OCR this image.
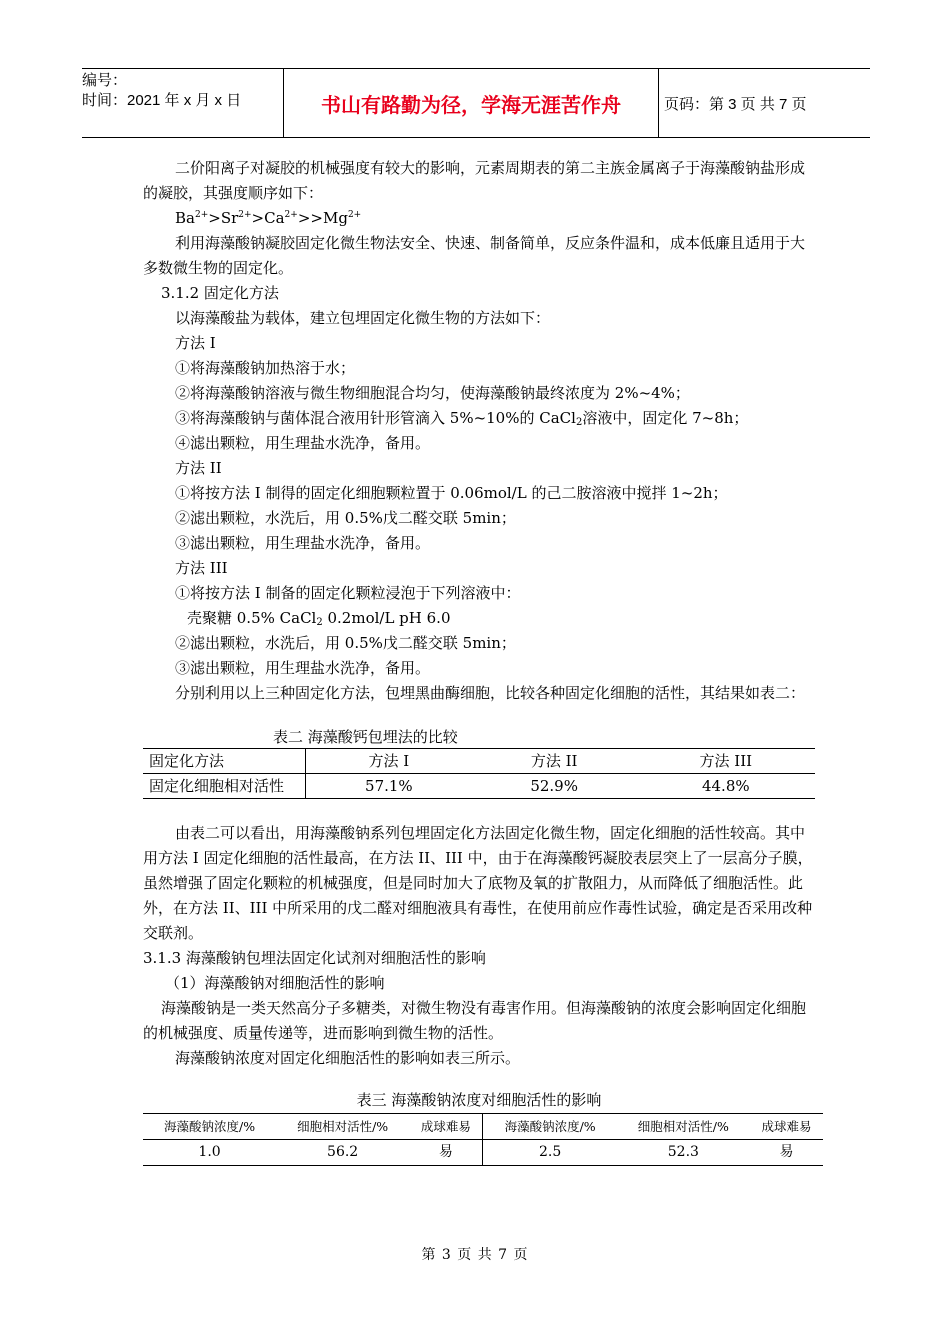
编号：
时间：2021 年 x 月 x 日	书山有路勤为径，学海无涯苦作舟	页码：第 3 页 共 7 页

二价阳离子对凝胶的机械强度有较大的影响，元素周期表的第二主族金属离子于海藻酸钠盐形成的凝胶，其强度顺序如下：

$Ba^{2+}>Sr^{2+}>Ca^{2+}>>Mg^{2+}$

利用海藻酸钠凝胶固定化微生物法安全、快速、制备简单，反应条件温和，成本低廉且适用于大多数微生物的固定化。

3.1.2 固定化方法

以海藻酸盐为载体，建立包埋固定化微生物的方法如下：

方法 I

①将海藻酸钠加热溶于水；

②将海藻酸钠溶液与微生物细胞混合均匀，使海藻酸钠最终浓度为 2%~4%；

③将海藻酸钠与菌体混合液用针形管滴入 5%~10%的 CaCl$_2$溶液中，固定化 7~8h；

④滤出颗粒，用生理盐水洗净，备用。

方法 II

①将按方法 I 制得的固定化细胞颗粒置于 0.06mol/L 的己二胺溶液中搅拌 1~2h；

②滤出颗粒，水洗后，用 0.5%戊二醛交联 5min；

③滤出颗粒，用生理盐水洗净，备用。

方法 III

①将按方法 I 制备的固定化颗粒浸泡于下列溶液中：

壳聚糖 0.5% CaCl$_2$ 0.2mol/L pH 6.0

②滤出颗粒，水洗后，用 0.5%戊二醛交联 5min；

③滤出颗粒，用生理盐水洗净，备用。

分别利用以上三种固定化方法，包埋黑曲酶细胞，比较各种固定化细胞的活性，其结果如表二：

表二 海藻酸钙包埋法的比较
固定化方法	方法 I	方法 II	方法 III
固定化细胞相对活性	57.1%	52.9%	44.8%

由表二可以看出，用海藻酸钠系列包埋固定化方法固定化微生物，固定化细胞的活性较高。其中用方法 I 固定化细胞的活性最高，在方法 II、III 中，由于在海藻酸钙凝胶表层突上了一层高分子膜，虽然增强了固定化颗粒的机械强度，但是同时加大了底物及氧的扩散阻力，从而降低了细胞活性。此外，在方法 II、III 中所采用的戊二醛对细胞液具有毒性，在使用前应作毒性试验，确定是否采用改种交联剂。

3.1.3 海藻酸钠包埋法固定化试剂对细胞活性的影响

（1）海藻酸钠对细胞活性的影响

海藻酸钠是一类天然高分子多糖类，对微生物没有毒害作用。但海藻酸钠的浓度会影响固定化细胞的机械强度、质量传递等，进而影响到微生物的活性。

海藻酸钠浓度对固定化细胞活性的影响如表三所示。

表三 海藻酸钠浓度对细胞活性的影响
海藻酸钠浓度/%	细胞相对活性/%	成球难易	海藻酸钠浓度/%	细胞相对活性/%	成球难易
1.0	56.2	易	2.5	52.3	易
第 3 页 共 7 页
